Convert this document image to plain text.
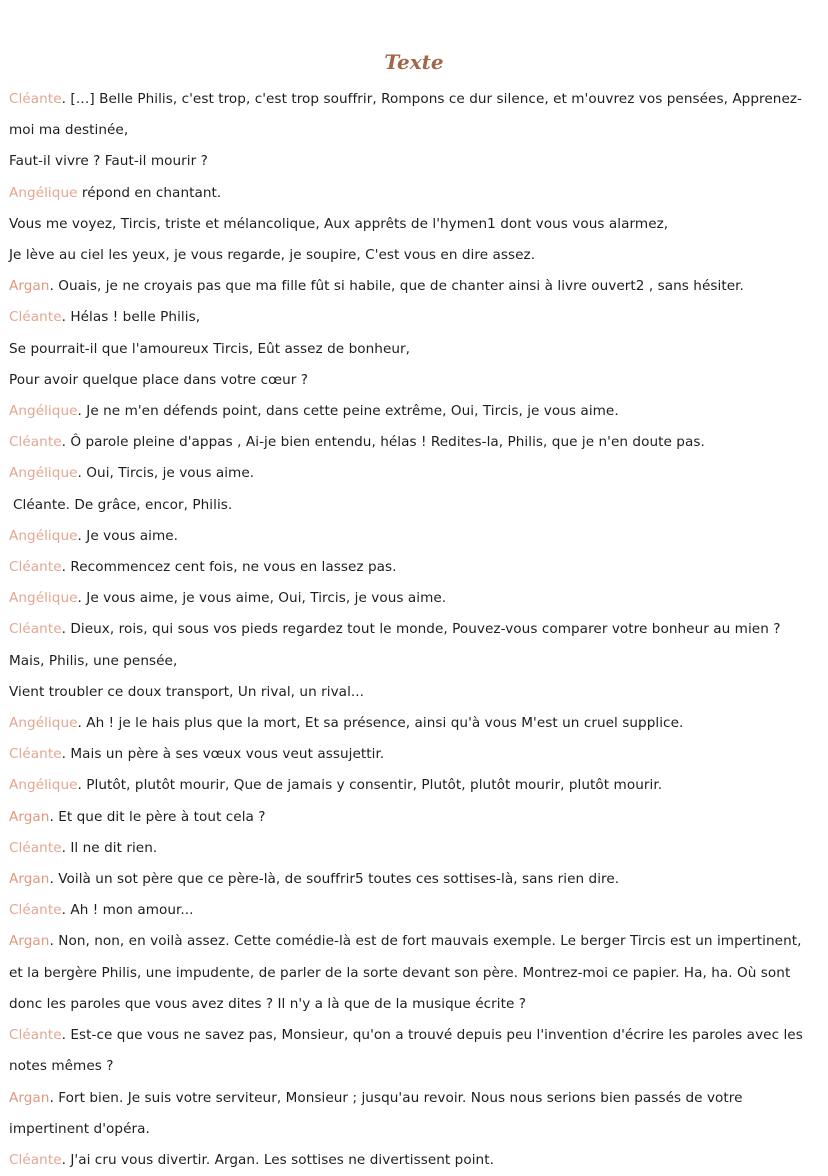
Texte
Cléante. […] Belle Philis, c'est trop, c'est trop souffrir, Rompons ce dur silence, et m'ouvrez vos pensées, Apprenez-moi ma destinée,
Faut-il vivre ? Faut-il mourir ?
Angélique répond en chantant.
Vous me voyez, Tircis, triste et mélancolique, Aux apprêts de l'hymen1 dont vous vous alarmez,
Je lève au ciel les yeux, je vous regarde, je soupire, C'est vous en dire assez.
Argan. Ouais, je ne croyais pas que ma fille fût si habile, que de chanter ainsi à livre ouvert2 , sans hésiter.
Cléante. Hélas ! belle Philis,
Se pourrait-il que l'amoureux Tircis, Eût assez de bonheur,
Pour avoir quelque place dans votre cœur ?
Angélique. Je ne m'en défends point, dans cette peine extrême, Oui, Tircis, je vous aime.
Cléante. Ô parole pleine d'appas , Ai-je bien entendu, hélas ! Redites-la, Philis, que je n'en doute pas.
Angélique. Oui, Tircis, je vous aime.
Cléante. De grâce, encor, Philis.
Angélique. Je vous aime.
Cléante. Recommencez cent fois, ne vous en lassez pas.
Angélique. Je vous aime, je vous aime, Oui, Tircis, je vous aime.
Cléante. Dieux, rois, qui sous vos pieds regardez tout le monde, Pouvez-vous comparer votre bonheur au mien ?
Mais, Philis, une pensée,
Vient troubler ce doux transport, Un rival, un rival...
Angélique. Ah ! je le hais plus que la mort, Et sa présence, ainsi qu'à vous M'est un cruel supplice.
Cléante. Mais un père à ses vœux vous veut assujettir.
Angélique. Plutôt, plutôt mourir, Que de jamais y consentir, Plutôt, plutôt mourir, plutôt mourir.
Argan. Et que dit le père à tout cela ?
Cléante. Il ne dit rien.
Argan. Voilà un sot père que ce père-là, de souffrir5 toutes ces sottises-là, sans rien dire.
Cléante. Ah ! mon amour...
Argan. Non, non, en voilà assez. Cette comédie-là est de fort mauvais exemple. Le berger Tircis est un impertinent, et la bergère Philis, une impudente, de parler de la sorte devant son père. Montrez-moi ce papier. Ha, ha. Où sont donc les paroles que vous avez dites ? Il n'y a là que de la musique écrite ?
Cléante. Est-ce que vous ne savez pas, Monsieur, qu'on a trouvé depuis peu l'invention d'écrire les paroles avec les notes mêmes ?
Argan. Fort bien. Je suis votre serviteur, Monsieur ; jusqu'au revoir. Nous nous serions bien passés de votre impertinent d'opéra.
Cléante. J'ai cru vous divertir. Argan. Les sottises ne divertissent point.
